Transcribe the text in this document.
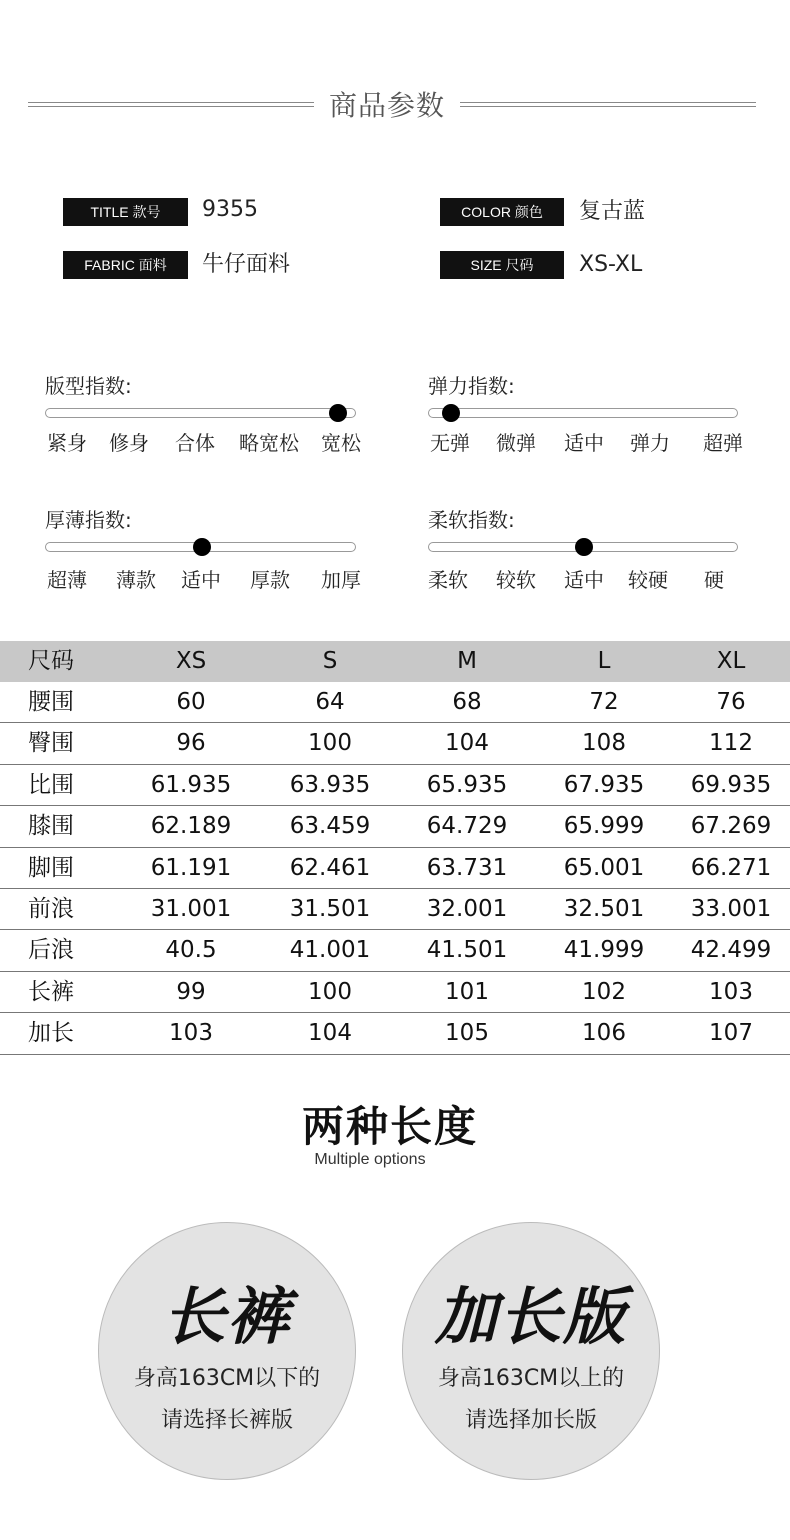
商品参数
TITLE 款号	9355	COLOR 颜色	复古蓝
FABRIC 面料	牛仔面料	SIZE 尺码	XS-XL
版型指数:
紧身 修身 合体 略宽松 宽松
弹力指数:
无弹 微弹 适中 弹力 超弹
厚薄指数:
超薄 薄款 适中 厚款 加厚
柔软指数:
柔软 较软 适中 较硬 硬
尺码	XS	S	M	L	XL
腰围	60	64	68	72	76
臀围	96	100	104	108	112
比围	61.935	63.935 65.935 67.935 69.935
膝围	62.189	63.459 64.729 65.999 67.269
脚围	61.191	62.461 63.731 65.001 66.271
前浪	31.001	31.501 32.001 32.501 33.001
后浪	40.5	41.001 41.501 41.999 42.499
长裤	99	100	101	102	103
加长	103	104	105	106	107
两种长度
Multiple options
长裤
身高163CM以下的
请选择长裤版
加长版
身高163CM以上的
请选择加长版
